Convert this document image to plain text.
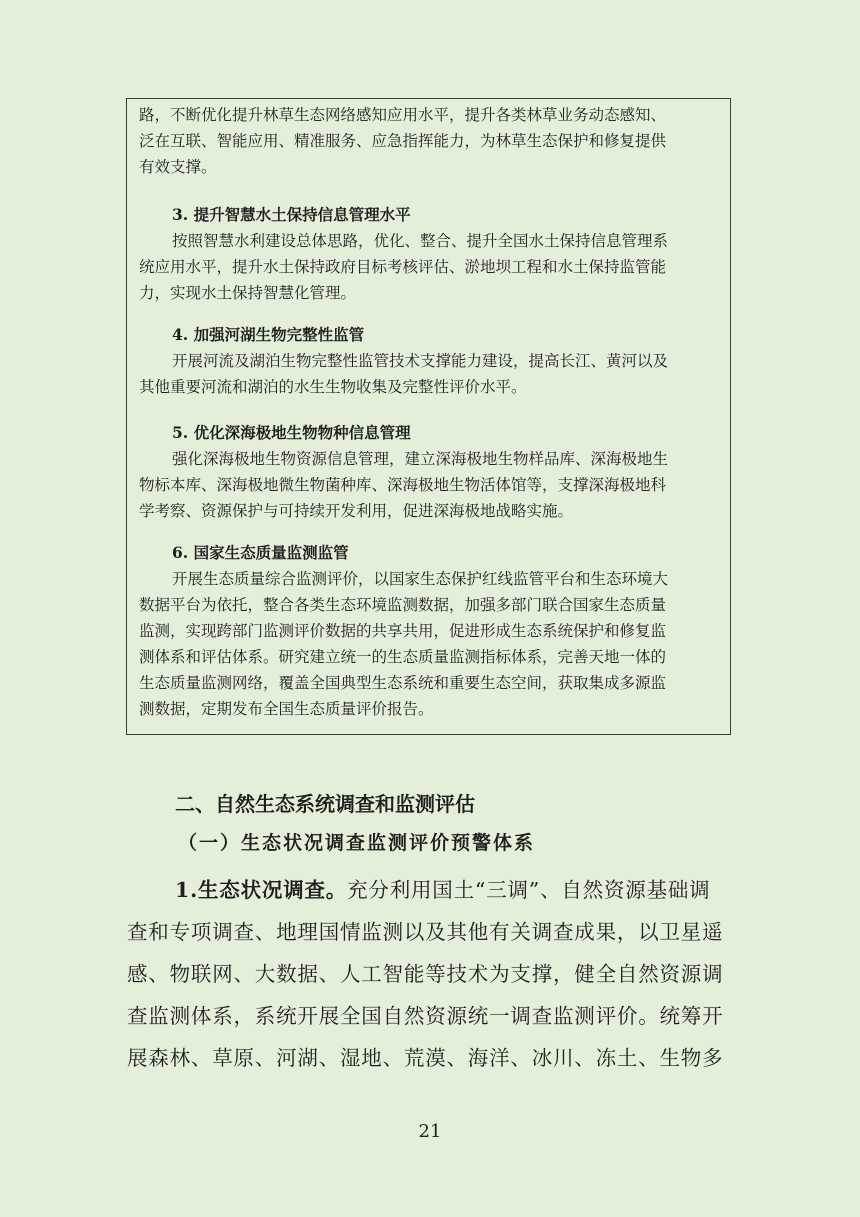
路，不断优化提升林草生态网络感知应用水平，提升各类林草业务动态感知、
泛在互联、智能应用、精准服务、应急指挥能力，为林草生态保护和修复提供
有效支撑。
3. 提升智慧水土保持信息管理水平
按照智慧水利建设总体思路，优化、整合、提升全国水土保持信息管理系
统应用水平，提升水土保持政府目标考核评估、淤地坝工程和水土保持监管能
力，实现水土保持智慧化管理。
4. 加强河湖生物完整性监管
开展河流及湖泊生物完整性监管技术支撑能力建设，提高长江、黄河以及
其他重要河流和湖泊的水生生物收集及完整性评价水平。
5. 优化深海极地生物物种信息管理
强化深海极地生物资源信息管理，建立深海极地生物样品库、深海极地生
物标本库、深海极地微生物菌种库、深海极地生物活体馆等，支撑深海极地科
学考察、资源保护与可持续开发利用，促进深海极地战略实施。
6. 国家生态质量监测监管
开展生态质量综合监测评价，以国家生态保护红线监管平台和生态环境大
数据平台为依托，整合各类生态环境监测数据，加强多部门联合国家生态质量
监测，实现跨部门监测评价数据的共享共用，促进形成生态系统保护和修复监
测体系和评估体系。研究建立统一的生态质量监测指标体系，完善天地一体的
生态质量监测网络，覆盖全国典型生态系统和重要生态空间，获取集成多源监
测数据，定期发布全国生态质量评价报告。
二、自然生态系统调查和监测评估
（一）生态状况调查监测评价预警体系
1.生态状况调查。充分利用国土“三调”、自然资源基础调
查和专项调查、地理国情监测以及其他有关调查成果，以卫星遥
感、物联网、大数据、人工智能等技术为支撑，健全自然资源调
查监测体系，系统开展全国自然资源统一调查监测评价。统筹开
展森林、草原、河湖、湿地、荒漠、海洋、冰川、冻土、生物多
21
